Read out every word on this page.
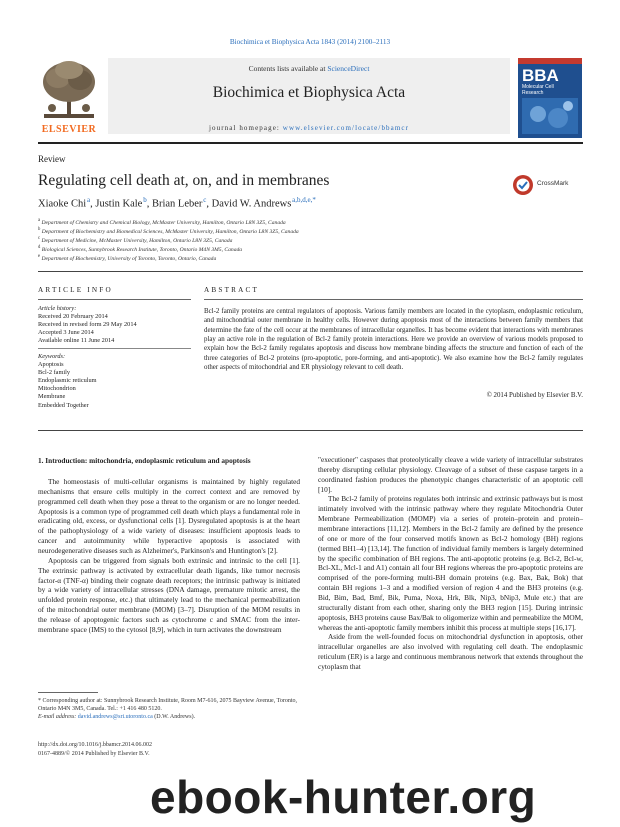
Biochimica et Biophysica Acta 1843 (2014) 2100–2113
ELSEVIER
Contents lists available at ScienceDirect
Biochimica et Biophysica Acta
journal homepage: www.elsevier.com/locate/bbamcr
BBA
Molecular Cell
Research
Review
Regulating cell death at, on, and in membranes	CrossMark
Xiaoke Chi $^a$, Justin Kale $^b$, Brian Leber $^c$, David W. Andrews $^{a,b,d,e,*}$
$^a$ Department of Chemistry and Chemical Biology, McMaster University, Hamilton, Ontario L8N 3Z5, Canada
$^b$ Department of Biochemistry and Biomedical Sciences, McMaster University, Hamilton, Ontario L8N 3Z5, Canada
$^c$ Department of Medicine, McMaster University, Hamilton, Ontario L8N 3Z5, Canada
$^d$ Biological Sciences, Sunnybrook Research Institute, Toronto, Ontario M4N 3M5, Canada
$^e$ Department of Biochemistry, University of Toronto, Toronto, Ontario, Canada
ARTICLE INFO
Article history:
Received 20 February 2014
Received in revised form 29 May 2014
Accepted 3 June 2014
Available online 11 June 2014
Keywords:
Apoptosis
Bcl-2 family
Endoplasmic reticulum
Mitochondrion
Membrane
Embedded Together
ABSTRACT
Bcl-2 family proteins are central regulators of apoptosis. Various family members are located in the cytoplasm, endoplasmic reticulum, and mitochondrial outer membrane in healthy cells. However during apoptosis most of the interactions between family members that determine the fate of the cell occur at the membranes of intracellular organelles. It has become evident that interactions with membranes play an active role in the regulation of Bcl-2 family protein interactions. Here we provide an overview of various models proposed to explain how the Bcl-2 family regulates apoptosis and discuss how membrane binding affects the structure and function of each of the three categories of Bcl-2 proteins (pro-apoptotic, pore-forming, and anti-apoptotic). We also examine how the Bcl-2 family regulates other aspects of mitochondrial and ER physiology relevant to cell death.
© 2014 Published by Elsevier B.V.
1. Introduction: mitochondria, endoplasmic reticulum and apoptosis

The homeostasis of multi-cellular organisms is maintained by highly regulated mechanisms that ensure cells multiply in the correct context and are removed by programmed cell death when they pose a threat to the organism or are no longer needed. Apoptosis is a common type of programmed cell death which plays a fundamental role in eradicating old, excess, or dysfunctional cells [1]. Dysregulated apoptosis is at the heart of the pathophysiology of a wide variety of diseases: insufficient apoptosis leads to cancer and autoimmunity while hyperactive apoptosis is associated with neurodegenerative diseases such as Alzheimer's, Parkinson's and Huntington's [2].

Apoptosis can be triggered from signals both extrinsic and intrinsic to the cell [1]. The extrinsic pathway is activated by extracellular death ligands, like tumor necrosis factor-α (TNF-α) binding their cognate death receptors; the intrinsic pathway is initiated by a wide variety of intracellular stresses (DNA damage, premature mitotic arrest, the unfolded protein response, etc.) that ultimately lead to the mechanical permeabilization of the mitochondrial outer membrane (MOM) [3–7]. Disruption of the MOM results in the release of apoptogenic factors such as cytochrome c and SMAC from the inter-membrane space (IMS) to the cytosol [8,9], which in turn activates the downstream

"executioner" caspases that proteolytically cleave a wide variety of intracellular substrates thereby disrupting cellular physiology. Cleavage of a subset of these caspase targets in a coordinated fashion produces the phenotypic changes characteristic of an apoptotic cell [10].

The Bcl-2 family of proteins regulates both intrinsic and extrinsic pathways but is most intimately involved with the intrinsic pathway where they regulate Mitochondria Outer Membrane Permeabilization (MOMP) via a series of protein–protein and protein–membrane interactions [11,12]. Members in the Bcl-2 family are defined by the presence of one or more of the four conserved motifs known as Bcl-2 homology (BH) regions (termed BH1–4) [13,14]. The function of individual family members is largely determined by the specific combination of BH regions. The anti-apoptotic proteins (e.g. Bcl-2, Bcl-w, Bcl-XL, Mcl-1 and A1) contain all four BH regions whereas the pro-apoptotic proteins are comprised of the pore-forming multi-BH domain proteins (e.g. Bax, Bak, Bok) that contain BH regions 1–3 and a modified version of region 4 and the BH3 proteins (e.g. Bid, Bim, Bad, Bmf, Bik, Puma, Noxa, Hrk, Blk, Nip3, bNip3, Mule etc.) that are structurally distant from each other, sharing only the BH3 region [15]. During intrinsic apoptosis, BH3 proteins cause Bax/Bak to oligomerize within and permeabilize the MOM, whereas the anti-apoptotic family members inhibit this process at multiple steps [16,17].

Aside from the well-founded focus on mitochondrial dysfunction in apoptosis, other intracellular organelles are also involved with regulating cell death. The endoplasmic reticulum (ER) is a large and continuous membranous network that extends throughout the cytoplasm that

* Corresponding author at: Sunnybrook Research Institute, Room M7-616, 2075 Bayview Avenue, Toronto, Ontario M4N 3M5, Canada. Tel.: +1 416 480 5120.
E-mail address: david.andrews@sri.utoronto.ca (D.W. Andrews).
http://dx.doi.org/10.1016/j.bbamcr.2014.06.002
0167-4889/© 2014 Published by Elsevier B.V.
ebook-hunter.org
